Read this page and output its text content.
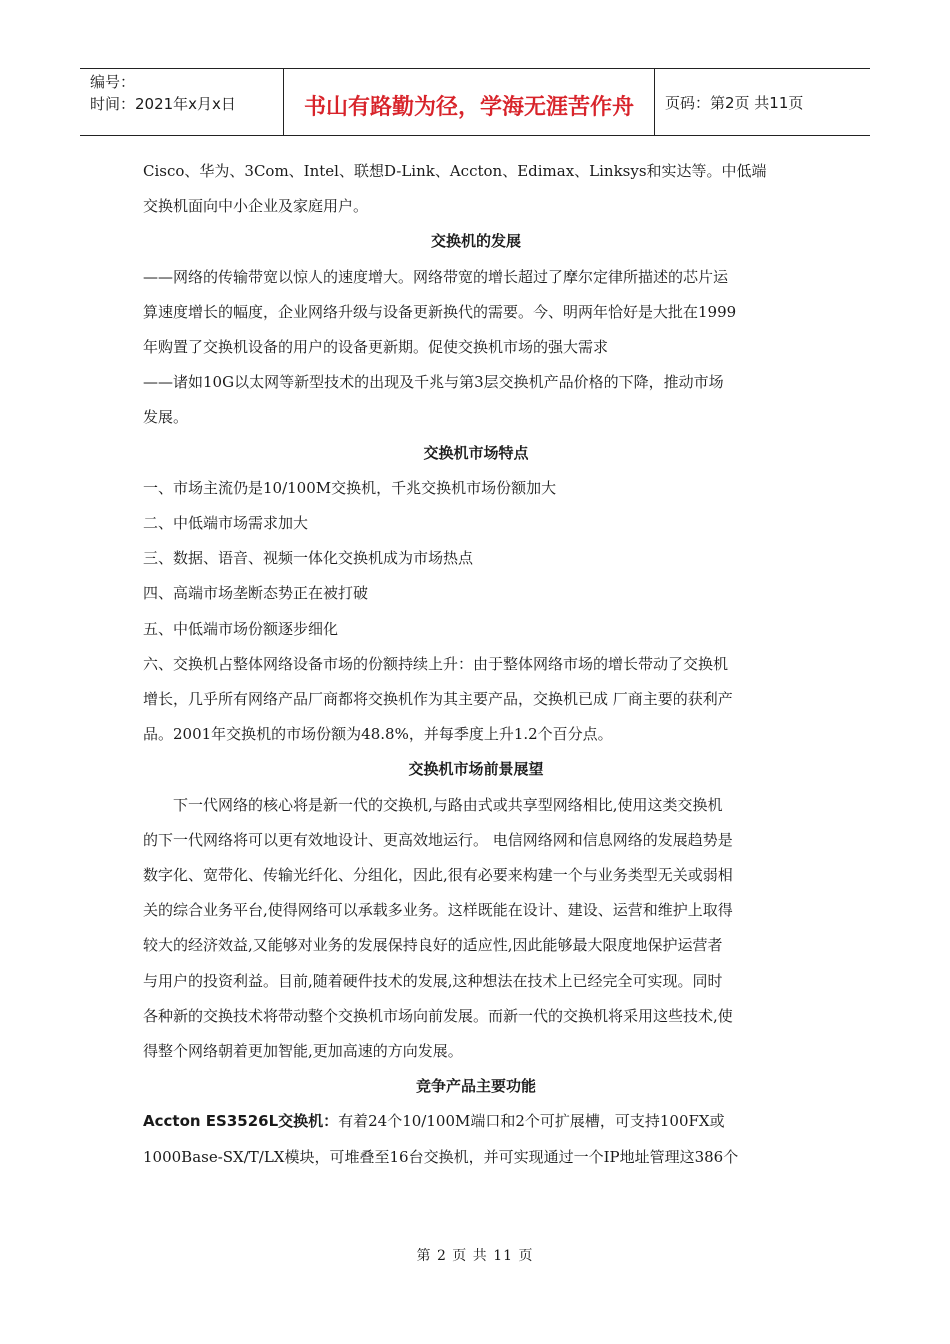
编号：
时间：2021年x月x日	书山有路勤为径，学海无涯苦作舟	页码：第2页 共11页

Cisco、华为、3Com、Intel、联想D-Link、Accton、Edimax、Linksys和实达等。中低端

交换机面向中小企业及家庭用户。

交换机的发展

——网络的传输带宽以惊人的速度增大。网络带宽的增长超过了摩尔定律所描述的芯片运

算速度增长的幅度，企业网络升级与设备更新换代的需要。今、明两年恰好是大批在1999

年购置了交换机设备的用户的设备更新期。促使交换机市场的强大需求

——诸如10G以太网等新型技术的出现及千兆与第3层交换机产品价格的下降，推动市场

发展。

交换机市场特点

一、市场主流仍是10/100M交换机，千兆交换机市场份额加大

二、中低端市场需求加大

三、数据、语音、视频一体化交换机成为市场热点

四、高端市场垄断态势正在被打破

五、中低端市场份额逐步细化

六、交换机占整体网络设备市场的份额持续上升：由于整体网络市场的增长带动了交换机

增长，几乎所有网络产品厂商都将交换机作为其主要产品，交换机已成 厂商主要的获利产

品。2001年交换机的市场份额为48.8%，并每季度上升1.2个百分点。

交换机市场前景展望

下一代网络的核心将是新一代的交换机,与路由式或共享型网络相比,使用这类交换机

的下一代网络将可以更有效地设计、更高效地运行。 电信网络网和信息网络的发展趋势是

数字化、宽带化、传输光纤化、分组化，因此,很有必要来构建一个与业务类型无关或弱相

关的综合业务平台,使得网络可以承载多业务。这样既能在设计、建设、运营和维护上取得

较大的经济效益,又能够对业务的发展保持良好的适应性,因此能够最大限度地保护运营者

与用户的投资利益。目前,随着硬件技术的发展,这种想法在技术上已经完全可实现。同时

各种新的交换技术将带动整个交换机市场向前发展。而新一代的交换机将采用这些技术,使

得整个网络朝着更加智能,更加高速的方向发展。

竞争产品主要功能

Accton ES3526L交换机：有着24个10/100M端口和2个可扩展槽，可支持100FX或

1000Base-SX/T/LX模块，可堆叠至16台交换机，并可实现通过一个IP地址管理这386个

第 2 页 共 11 页
